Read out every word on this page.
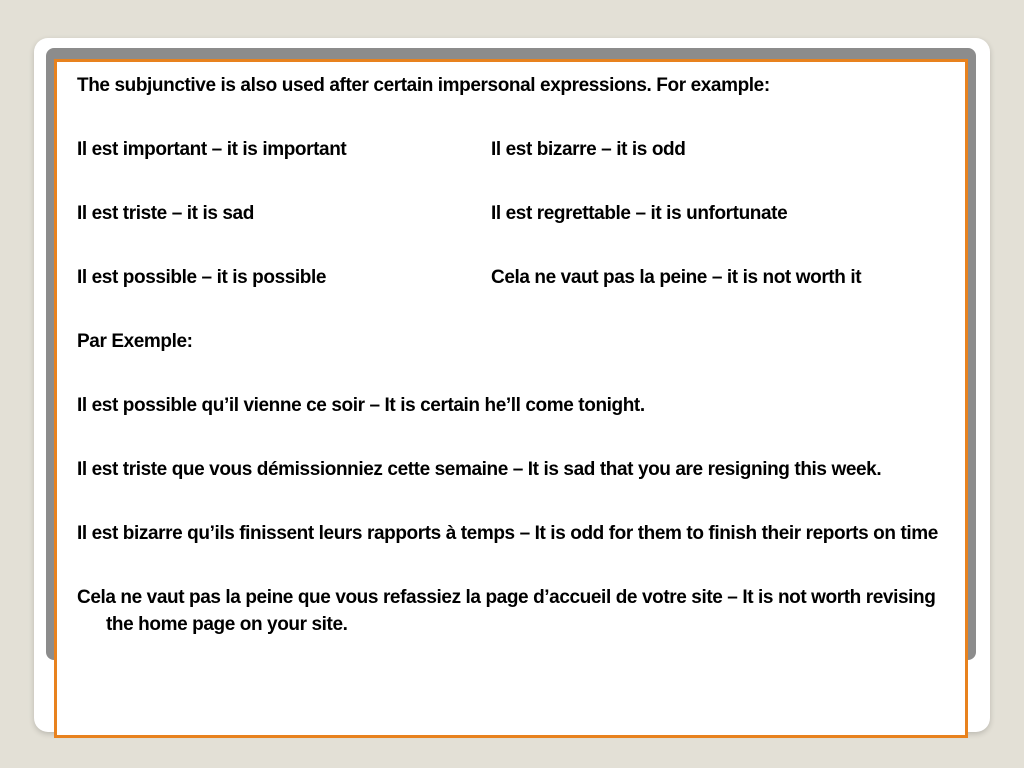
The subjunctive is also used after certain impersonal expressions. For example:
Il est important – it is important	Il est bizarre – it is odd
Il est triste – it is sad	Il est regrettable – it is unfortunate
Il est possible – it is possible	Cela ne vaut pas la peine – it is not worth it
Par Exemple:
Il est possible qu’il vienne ce soir – It is certain he’ll come tonight.
Il est triste que vous démissionniez cette semaine – It is sad that you are resigning this week.
Il est bizarre qu’ils finissent leurs rapports à temps – It is odd for them to finish their reports on time
Cela ne vaut pas la peine que vous refassiez la page d’accueil de votre site – It is not worth revising the home page on your site.
